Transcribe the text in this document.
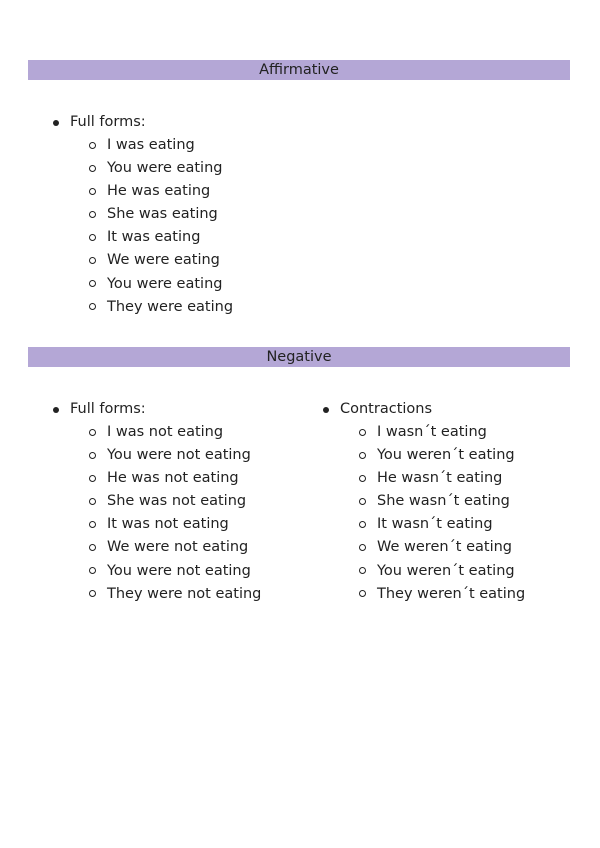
Affirmative
Full forms:
I was eating
You were eating
He was eating
She was eating
It was eating
We were eating
You were eating
They were eating
Negative
Full forms:
I was not eating
You were not eating
He was not eating
She was not eating
It was not eating
We were not eating
You were not eating
They were not eating
Contractions
I wasn´t eating
You weren´t eating
He wasn´t eating
She wasn´t eating
It wasn´t eating
We weren´t eating
You weren´t eating
They weren´t eating
